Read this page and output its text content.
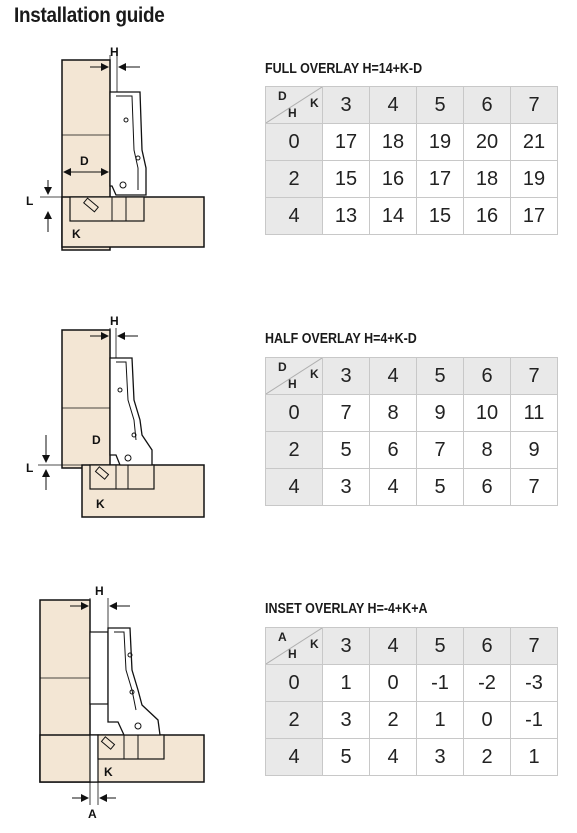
Installation guide
H
D
L
K
FULL OVERLAY H=14+K-D
D
H
K	3	4	5	6	7
0	17	18	19	20	21
2	15	16	17	18	19
4	13	14	15	16	17
H
D
L
K
HALF OVERLAY H=4+K-D
D
H
K	3	4	5	6	7
0	7	8	9	10	11
2	5	6	7	8	9
4	3	4	5	6	7
H
K
A
INSET OVERLAY H=-4+K+A
A
H
K	3	4	5	6	7
0	1	0	-1	-2	-3
2	3	2	1	0	-1
4	5	4	3	2	1
